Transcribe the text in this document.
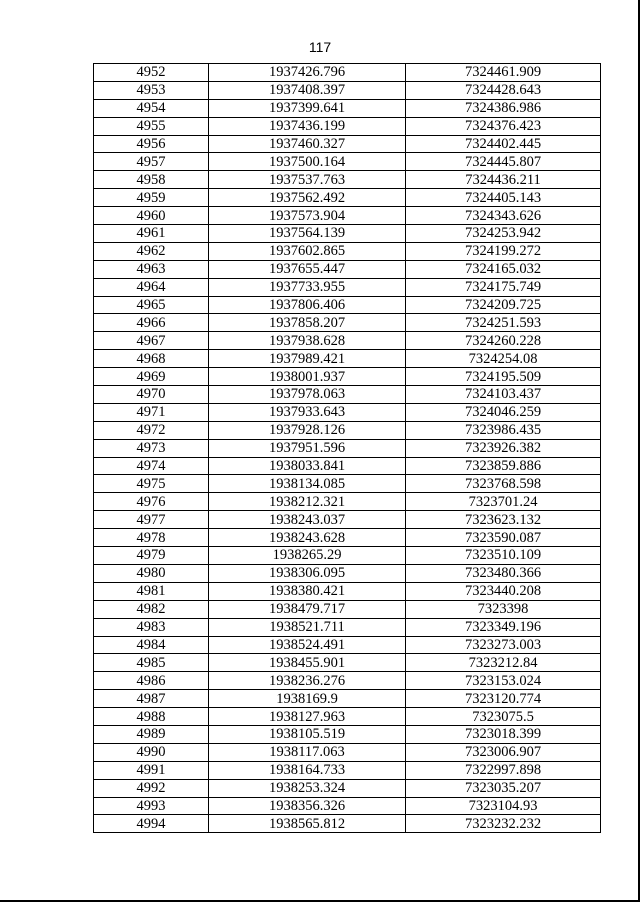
117
4952	1937426.796	7324461.909
4953	1937408.397	7324428.643
4954	1937399.641	7324386.986
4955	1937436.199	7324376.423
4956	1937460.327	7324402.445
4957	1937500.164	7324445.807
4958	1937537.763	7324436.211
4959	1937562.492	7324405.143
4960	1937573.904	7324343.626
4961	1937564.139	7324253.942
4962	1937602.865	7324199.272
4963	1937655.447	7324165.032
4964	1937733.955	7324175.749
4965	1937806.406	7324209.725
4966	1937858.207	7324251.593
4967	1937938.628	7324260.228
4968	1937989.421	7324254.08
4969	1938001.937	7324195.509
4970	1937978.063	7324103.437
4971	1937933.643	7324046.259
4972	1937928.126	7323986.435
4973	1937951.596	7323926.382
4974	1938033.841	7323859.886
4975	1938134.085	7323768.598
4976	1938212.321	7323701.24
4977	1938243.037	7323623.132
4978	1938243.628	7323590.087
4979	1938265.29	7323510.109
4980	1938306.095	7323480.366
4981	1938380.421	7323440.208
4982	1938479.717	7323398
4983	1938521.711	7323349.196
4984	1938524.491	7323273.003
4985	1938455.901	7323212.84
4986	1938236.276	7323153.024
4987	1938169.9	7323120.774
4988	1938127.963	7323075.5
4989	1938105.519	7323018.399
4990	1938117.063	7323006.907
4991	1938164.733	7322997.898
4992	1938253.324	7323035.207
4993	1938356.326	7323104.93
4994	1938565.812	7323232.232
